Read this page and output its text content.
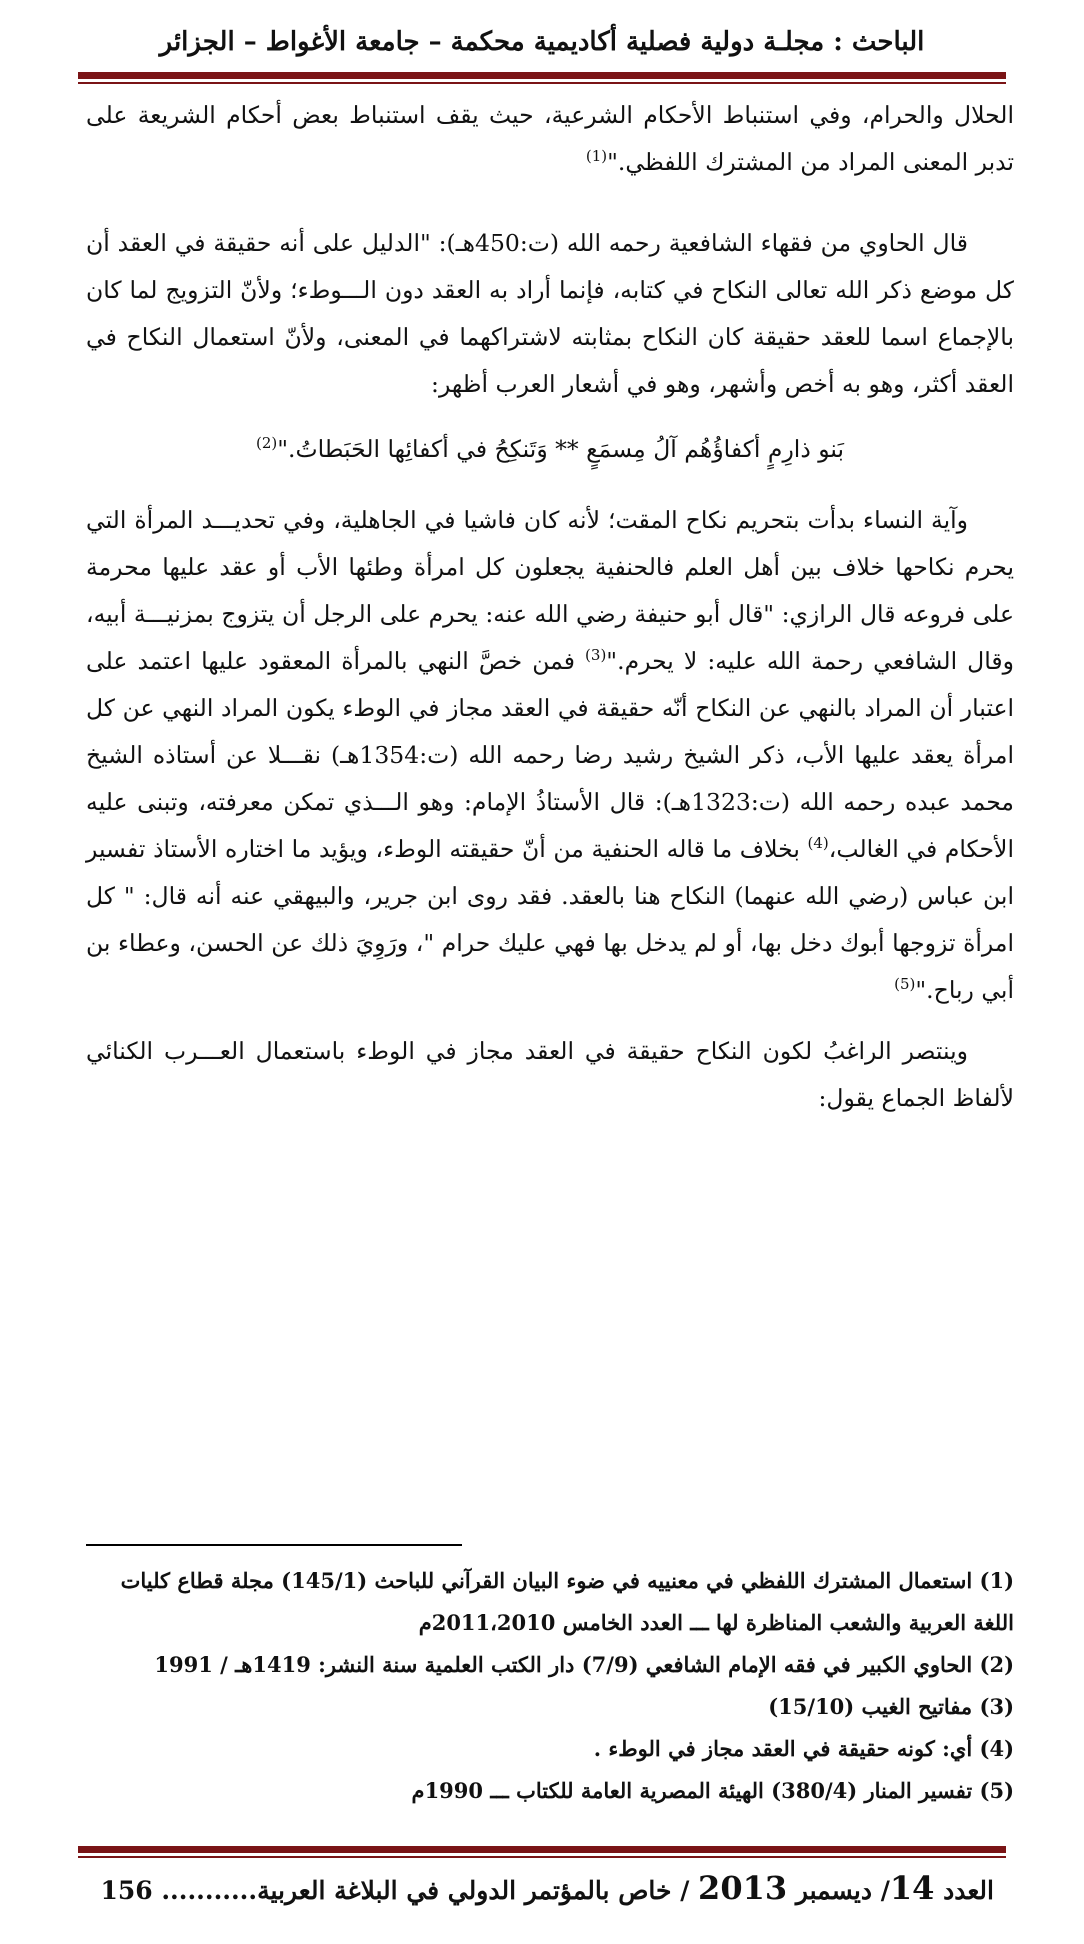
الباحث : مجلـة دولية فصلية أكاديمية محكمة – جامعة الأغواط – الجزائر

الحلال والحرام، وفي استنباط الأحكام الشرعية، حيث يقف استنباط بعض أحكام الشريعة على تدبر المعنى المراد من المشترك اللفظي."$^{(1)}$

قال الحاوي من فقهاء الشافعية رحمه الله (ت:450هـ): "الدليل على أنه حقيقة في العقد أن كل موضع ذكر الله تعالى النكاح في كتابه، فإنما أراد به العقد دون الـــوطء؛ ولأنّ التزويج لما كان بالإجماع اسما للعقد حقيقة كان النكاح بمثابته لاشتراكهما في المعنى، ولأنّ استعمال النكاح في العقد أكثر، وهو به أخص وأشهر، وهو في أشعار العرب أظهر:

بَنو ذارِمٍ أكفاؤُهُم آلُ مِسمَعٍ ** وَتَنكِحُ في أكفائِها الحَبَطاتُ."$^{(2)}$

وآية النساء بدأت بتحريم نكاح المقت؛ لأنه كان فاشيا في الجاهلية، وفي تحديـــد المرأة التي يحرم نكاحها خلاف بين أهل العلم فالحنفية يجعلون كل امرأة وطئها الأب أو عقد عليها محرمة على فروعه قال الرازي: "قال أبو حنيفة رضي الله عنه: يحرم على الرجل أن يتزوج بمزنيـــة أبيه، وقال الشافعي رحمة الله عليه: لا يحرم."$^{(3)}$ فمن خصَّ النهي بالمرأة المعقود عليها اعتمد على اعتبار أن المراد بالنهي عن النكاح أنّه حقيقة في العقد مجاز في الوطء يكون المراد النهي عن كل امرأة يعقد عليها الأب، ذكر الشيخ رشيد رضا رحمه الله (ت:1354هـ) نقـــلا عن أستاذه الشيخ محمد عبده رحمه الله (ت:1323هـ): قال الأستاذُ الإمام: وهو الـــذي تمكن معرفته، وتبنى عليه الأحكام في الغالب،$^{(4)}$ بخلاف ما قاله الحنفية من أنّ حقيقته الوطء، ويؤيد ما اختاره الأستاذ تفسير ابن عباس (رضي الله عنهما) النكاح هنا بالعقد. فقد روى ابن جرير، والبيهقي عنه أنه قال: " كل امرأة تزوجها أبوك دخل بها، أو لم يدخل بها فهي عليك حرام "، ورَوِيَ ذلك عن الحسن، وعطاء بن أبي رباح."$^{(5)}$

وينتصر الراغبُ لكون النكاح حقيقة في العقد مجاز في الوطء باستعمال العـــرب الكنائي لألفاظ الجماع يقول:

(1) استعمال المشترك اللفظي في معنييه في ضوء البيان القرآني للباحث (145/1) مجلة قطاع كليات اللغة العربية والشعب المناظرة لها ـــ العدد الخامس 2011،2010م

(2) الحاوي الكبير في فقه الإمام الشافعي (7/9) دار الكتب العلمية سنة النشر: 1419هـ / 1991

(3) مفاتيح الغيب (15/10)

(4) أي: كونه حقيقة في العقد مجاز في الوطء .

(5) تفسير المنار (380/4) الهيئة المصرية العامة للكتاب ـــ 1990م

العدد 14/ ديسمبر 2013 / خاص بالمؤتمر الدولي في البلاغة العربية........... 156
